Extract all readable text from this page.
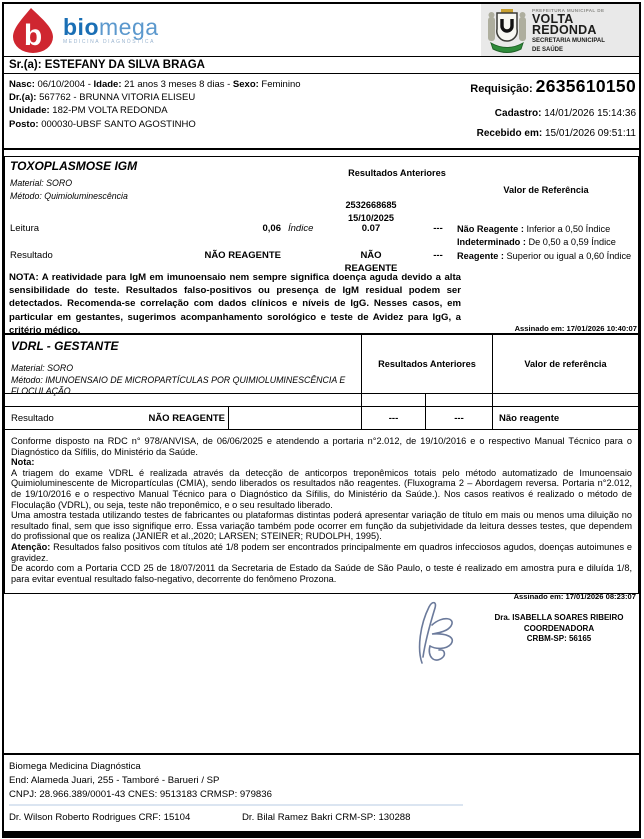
b biomega
MEDICINA DIAGNÓSTICA
PREFEITURA MUNICIPAL DE
VOLTA
REDONDA
SECRETARIA MUNICIPAL
DE SAÚDE
Sr.(a): ESTEFANY DA SILVA BRAGA
Nasc: 06/10/2004 - Idade: 21 anos 3 meses 8 dias - Sexo: Feminino
Dr.(a): 567762 - BRUNNA VITORIA ELISEU
Unidade: 182-PM VOLTA REDONDA
Posto: 000030-UBSF SANTO AGOSTINHO
Requisição: 2635610150
Cadastro: 14/01/2026 15:14:36
Recebido em: 15/01/2026 09:51:11
TOXOPLASMOSE IGM
Material: SORO
Método: Quimioluminescência
Resultados Anteriores
Valor de Referência
2532668685
15/10/2025
Leitura	0,06 Índice	0.07	---
Resultado	NÃO REAGENTE	NÃO REAGENTE
---
Não Reagente : Inferior a 0,50 Índice
Indeterminado : De 0,50 a 0,59 Índice
Reagente : Superior ou igual a 0,60 Índice
NOTA: A reatividade para IgM em imunoensaio nem sempre significa doença aguda devido a alta sensibilidade do teste. Resultados falso-positivos ou presença de IgM residual podem ser detectados. Recomenda-se correlação com dados clínicos e níveis de IgG. Nesses casos, em particular em gestantes, sugerimos acompanhamento sorológico e teste de Avidez para IgG, a critério médico.	Assinado em: 17/01/2026 10:40:07
VDRL - GESTANTE
Material: SORO
Método: IMUNOENSAIO DE MICROPARTÍCULAS POR QUIMIOLUMINESCÊNCIA E FLOCULAÇÃO
Resultados Anteriores	Valor de referência
Resultado	NÃO REAGENTE	---	---	Não reagente

Conforme disposto na RDC n° 978/ANVISA, de 06/06/2025 e atendendo a portaria n°2.012, de 19/10/2016 e o respectivo Manual Técnico para o Diagnóstico da Sífilis, do Ministério da Saúde.

Nota:

A triagem do exame VDRL é realizada através da detecção de anticorpos treponêmicos totais pelo método automatizado de Imunoensaio Quimioluminescente de Micropartículas (CMIA), sendo liberados os resultados não reagentes. (Fluxograma 2 – Abordagem reversa. Portaria n°2.012, de 19/10/2016 e o respectivo Manual Técnico para o Diagnóstico da Sífilis, do Ministério da Saúde.). Nos casos reativos é realizado o método de Floculação (VDRL), ou seja, teste não treponêmico, e o seu resultado liberado.

Uma amostra testada utilizando testes de fabricantes ou plataformas distintas poderá apresentar variação de título em mais ou menos uma diluição no resultado final, sem que isso signifique erro. Essa variação também pode ocorrer em função da subjetividade da leitura desses testes, que dependem do profissional que os realiza (JANIER et al.,2020; LARSEN; STEINER; RUDOLPH, 1995).

Atenção: Resultados falso positivos com títulos até 1/8 podem ser encontrados principalmente em quadros infecciosos agudos, doenças autoimunes e gravidez.

De acordo com a Portaria CCD 25 de 18/07/2011 da Secretaria de Estado da Saúde de São Paulo, o teste é realizado em amostra pura e diluída 1/8, para evitar eventual resultado falso-negativo, decorrente do fenômeno Prozona.

Assinado em: 17/01/2026 08:23:07
Dra. ISABELLA SOARES RIBEIRO
COORDENADORA
CRBM-SP: 56165
Biomega Medicina Diagnóstica
End: Alameda Juari, 255 - Tamboré - Barueri / SP
CNPJ: 28.966.389/0001-43 CNES: 9513183 CRMSP: 979836
Dr. Wilson Roberto Rodrigues CRF: 15104	Dr. Bilal Ramez Bakri CRM-SP: 130288
